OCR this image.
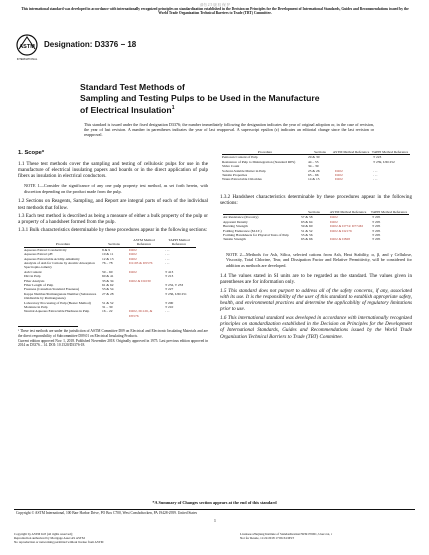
请勿 2 5 版 权 保 护
This international standard was developed in accordance with internationally recognized principles on standardization established in the Decision on Principles for the Development of International Standards, Guides and Recommendations issued by the World Trade Organization Technical Barriers to Trade (TBT) Committee.
ASTM
INTERNATIONAL
Designation: D3376 − 18
Standard Test Methods of
Sampling and Testing Pulps to be Used in the Manufacture
of Electrical Insulation$^1$
This standard is issued under the fixed designation D3376; the number immediately following the designation indicates the year of original adoption or, in the case of revision, the year of last revision. A number in parentheses indicates the year of last reapproval. A superscript epsilon (ε) indicates an editorial change since the last revision or reapproval.
1. Scope*

1.1 These test methods cover the sampling and testing of cellulosic pulps for use in the manufacture of electrical insulating papers and boards or in the direct application of pulp fibers as insulation in electrical conductors.

NOTE 1—Consider the significance of any one pulp property test method, as set forth herein, with discretion depending on the product made from the pulp.

1.2 Sections on Reagents, Sampling, and Report are integral parts of each of the individual test methods that follow.

1.3 Each test method is described as being a measure of either a bulk property of the pulp or a property of a handsheet formed from the pulp.

1.3.1 Bulk characteristics determinable by these procedures appear in the following sections:

Procedure	Sections	ASTM Method Reference	TAPPI Method Reference
Aqueous Extract Conductivity	8 & 9	D202	. . .
Aqueous Extract pH	10 & 11	D202	. . .
Aqueous Extractable Acidity-Alkalinity	12 & 13	D202	. . .
Analysis of Ash for Cations by Atomic Absorption Spectropho-tometry	76 – 78	D1193 & D5576	. . .
Ash Content	59 – 60	D202	T 413
Dirt in Pulp	60 & 41		T 213
Fiber Analysis	33 & 34	D202 & D1030	
Fiber Length of Pulp	61 & 62		T 232, T 233
Freeness (Canadian Standard Freeness)	53 & 54		T 227
Kappa Number/Permanganate Number (Substances Oxidizable by Permanganate)	27 & 28		T 236, UM 251
Laboratory Processing of Pulp (Beater Method)	51 & 52		T 200
Moisture in Pulp	31 – 30		T 210
Neutral Aqueous Extractable Hardness in Pulp	16 – 22	D202, D1126, & D5576	. . .

¹ These test methods are under the jurisdiction of ASTM Committee D09 on Electrical and Electronic Insulating Materials and are the direct responsibility of Subcommittee D09.01 on Electrical Insulating Products.

Current edition approved Nov. 1, 2018. Published November 2018. Originally approved in 1975. Last previous edition approved in 2014 as D3376 – 14. DOI: 10.1520/D3376-18.

Procedure	Sections	ASTM Method Reference	TAPPI Method Reference
Pentosan Content of Pulp	29 & 30		T 223
Resistance of Pulp to Disintegration (Standard RPS)	44 – 55		T 239, UM 252
Shive Count	34 – 39		
Solvent-Soluble Matter in Pulp	25 & 26	D202	. . .
Tensile Properties	65 – 66	D202	. . .
Water-Extractable Chlorides	14 & 15	D202	. . .

1.3.2 Handsheet characteristics determinable by these procedures appear in the following sections:

	Sections	ASTM Method Reference	TAPPI Method Reference
Air Resistance (Porosity)	57 & 58	D202	T 205
Apparent Density	63 & 64	D202	T 205
Bursting Strength	59 & 60	D202 & D774/ D774M	T 205
Folding Endurance (M.I.T.)	51 & 52	D202 & D2176	T 205
Forming Handsheets for Physical Tests of Pulp	55 & 56		T 205
Tensile Strength	65 & 66	D202 & D828	T 205

NOTE 2—Methods for Ash, Silica, selected cations from Ash, Heat Stability, α, β, and γ Cellulose, Viscosity, Total Chlorine, Tear, and Dissipation Factor and Relative Permittivity, will be considered for addition as methods are developed.

1.4 The values stated in SI units are to be regarded as the standard. The values given in parentheses are for information only.

1.5 This standard does not purport to address all of the safety concerns, if any, associated with its use. It is the responsibility of the user of this standard to establish appropriate safety, health, and environmental practices and determine the applicability of regulatory limitations prior to use.

1.6 This international standard was developed in accordance with internationally recognized principles on standardization established in the Decision on Principles for the Development of International Standards, Guides and Recommendations issued by the World Trade Organization Technical Barriers to Trade (TBT) Committee.

*A Summary of Changes section appears at the end of this standard
Copyright © ASTM International, 100 Barr Harbor Drive, PO Box C700, West Conshohocken, PA 19428-2959. United States
1
Copyright by ASTM Int'l (all rights reserved);
Reproduction authorized by Mortgage Asset AS ASTM
No reproduction or networking permitted without license from ASTM
Licensee=Zhejiang Institute of Standardization/5939170001, User=xx, r
Not for Resale, 11/22/2018 17:06:34 MST
